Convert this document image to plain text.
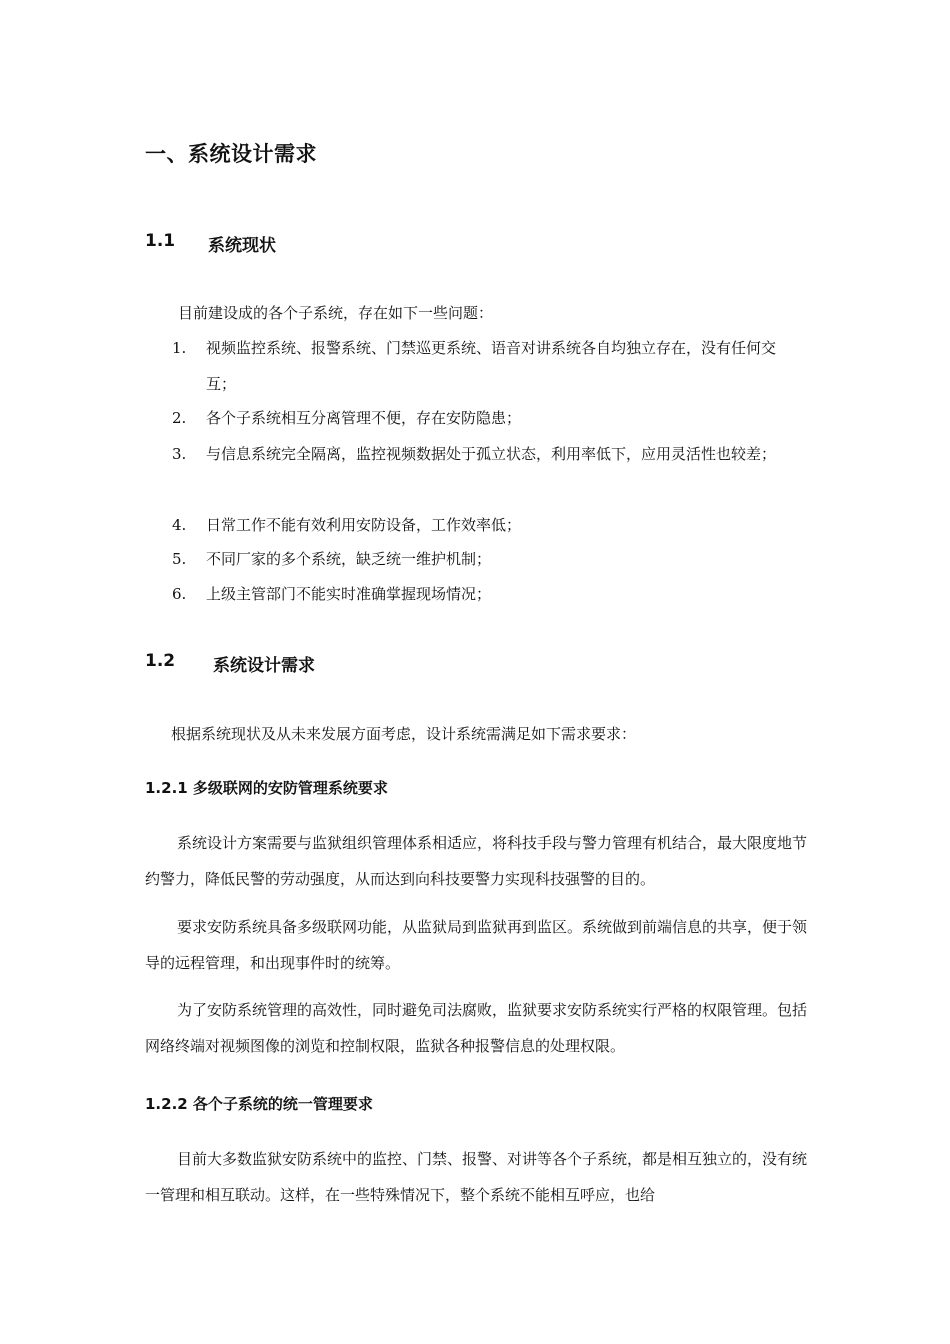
一、系统设计需求
1.1 系统现状
目前建设成的各个子系统，存在如下一些问题：
1. 视频监控系统、报警系统、门禁巡更系统、语音对讲系统各自均独立存在，没有任何交互；
2. 各个子系统相互分离管理不便，存在安防隐患；
3. 与信息系统完全隔离，监控视频数据处于孤立状态，利用率低下，应用灵活性也较差；
4. 日常工作不能有效利用安防设备，工作效率低；
5. 不同厂家的多个系统，缺乏统一维护机制；
6. 上级主管部门不能实时准确掌握现场情况；
1.2 系统设计需求
根据系统现状及从未来发展方面考虑，设计系统需满足如下需求要求：
1.2.1 多级联网的安防管理系统要求
系统设计方案需要与监狱组织管理体系相适应，将科技手段与警力管理有机结合，最大限度地节约警力，降低民警的劳动强度，从而达到向科技要警力实现科技强警的目的。
要求安防系统具备多级联网功能，从监狱局到监狱再到监区。系统做到前端信息的共享，便于领导的远程管理，和出现事件时的统筹。
为了安防系统管理的高效性，同时避免司法腐败，监狱要求安防系统实行严格的权限管理。包括网络终端对视频图像的浏览和控制权限，监狱各种报警信息的处理权限。
1.2.2 各个子系统的统一管理要求
目前大多数监狱安防系统中的监控、门禁、报警、对讲等各个子系统，都是相互独立的，没有统一管理和相互联动。这样，在一些特殊情况下，整个系统不能相互呼应，也给
